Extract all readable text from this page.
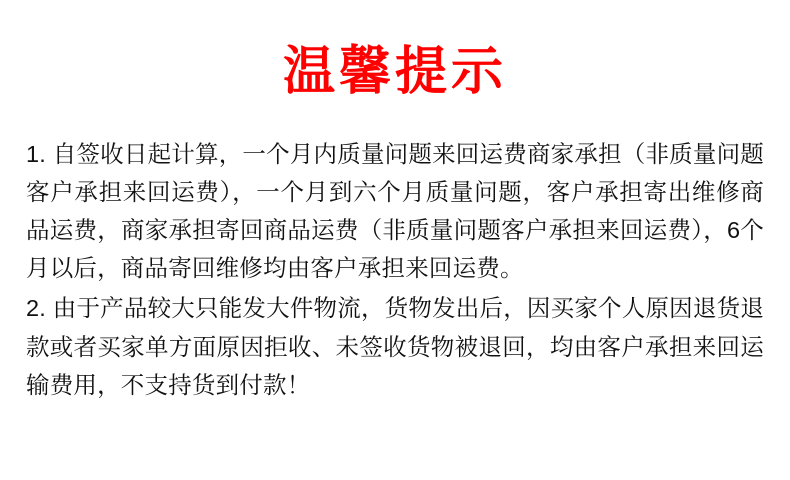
温馨提示

1. 自签收日起计算，一个月内质量问题来回运费商家承担（非质量问题客户承担来回运费），一个月到六个月质量问题，客户承担寄出维修商品运费，商家承担寄回商品运费（非质量问题客户承担来回运费），6个月以后，商品寄回维修均由客户承担来回运费。

2. 由于产品较大只能发大件物流，货物发出后，因买家个人原因退货退款或者买家单方面原因拒收、未签收货物被退回，均由客户承担来回运输费用，不支持货到付款！
